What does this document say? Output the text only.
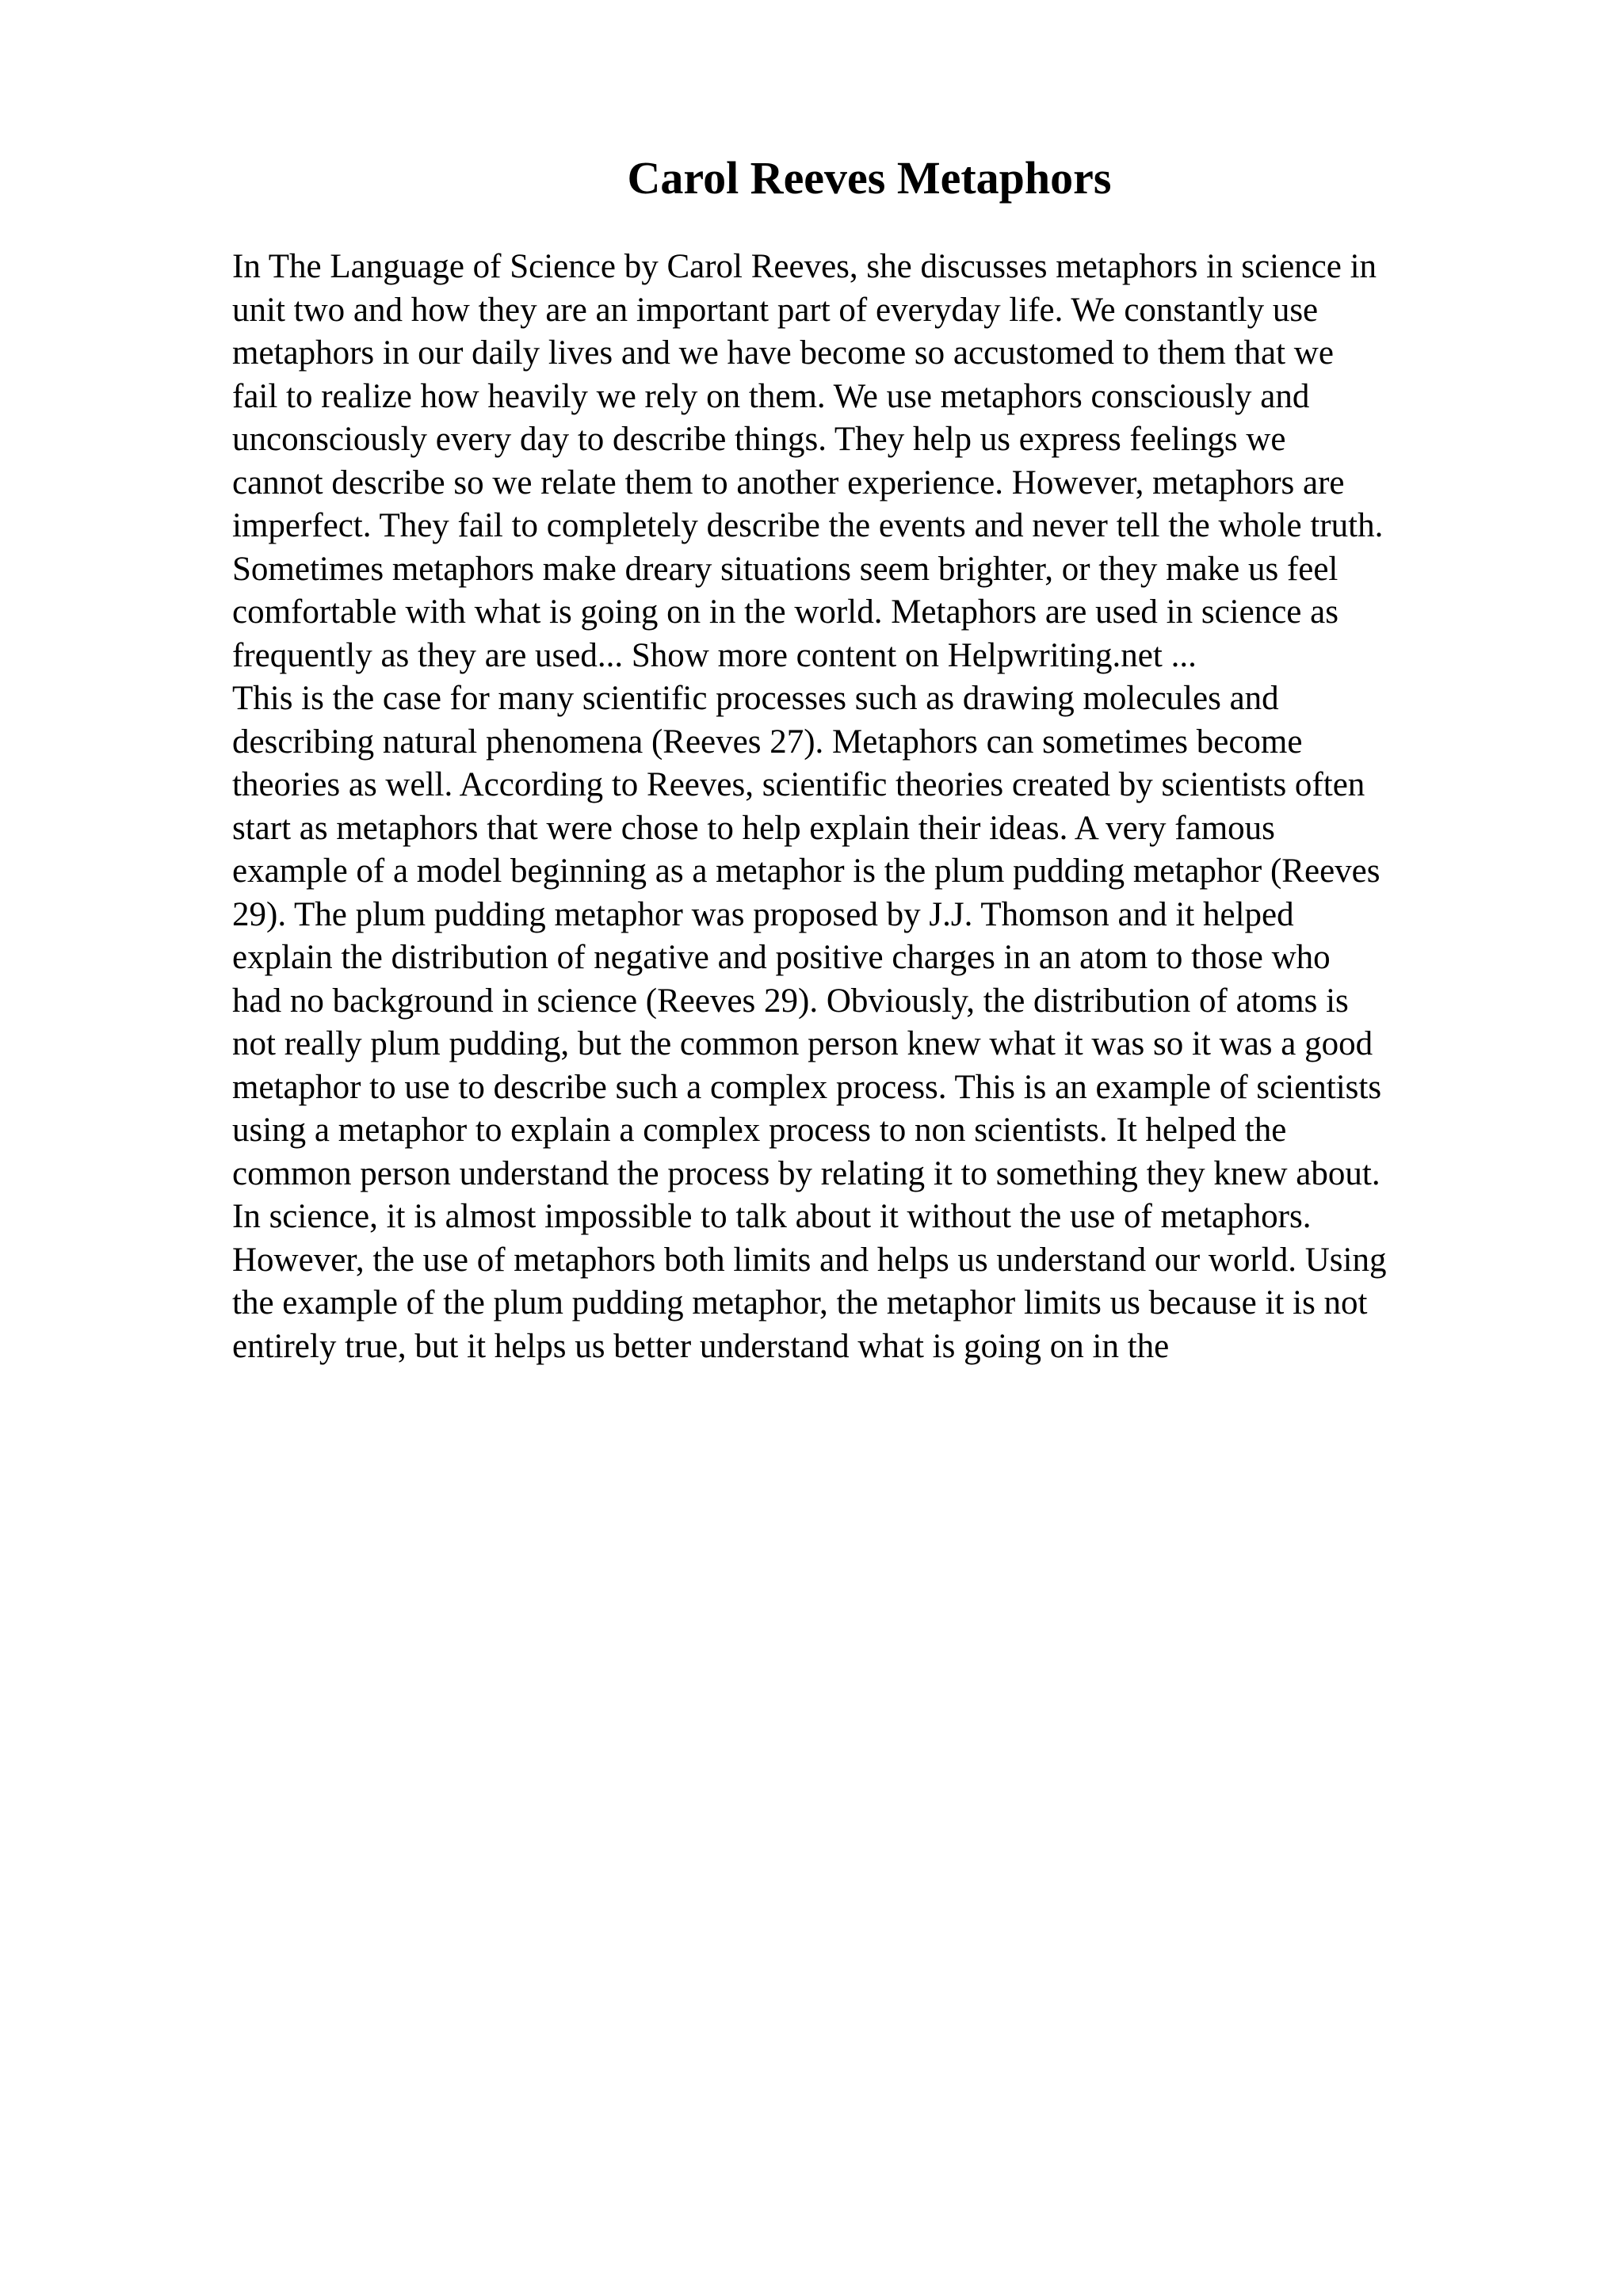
Carol Reeves Metaphors
In The Language of Science by Carol Reeves, she discusses metaphors in science in
unit two and how they are an important part of everyday life. We constantly use
metaphors in our daily lives and we have become so accustomed to them that we
fail to realize how heavily we rely on them. We use metaphors consciously and
unconsciously every day to describe things. They help us express feelings we
cannot describe so we relate them to another experience. However, metaphors are
imperfect. They fail to completely describe the events and never tell the whole truth.
Sometimes metaphors make dreary situations seem brighter, or they make us feel
comfortable with what is going on in the world. Metaphors are used in science as
frequently as they are used... Show more content on Helpwriting.net ...
This is the case for many scientific processes such as drawing molecules and
describing natural phenomena (Reeves 27). Metaphors can sometimes become
theories as well. According to Reeves, scientific theories created by scientists often
start as metaphors that were chose to help explain their ideas. A very famous
example of a model beginning as a metaphor is the plum pudding metaphor (Reeves
29). The plum pudding metaphor was proposed by J.J. Thomson and it helped
explain the distribution of negative and positive charges in an atom to those who
had no background in science (Reeves 29). Obviously, the distribution of atoms is
not really plum pudding, but the common person knew what it was so it was a good
metaphor to use to describe such a complex process. This is an example of scientists
using a metaphor to explain a complex process to non scientists. It helped the
common person understand the process by relating it to something they knew about.
In science, it is almost impossible to talk about it without the use of metaphors.
However, the use of metaphors both limits and helps us understand our world. Using
the example of the plum pudding metaphor, the metaphor limits us because it is not
entirely true, but it helps us better understand what is going on in the
